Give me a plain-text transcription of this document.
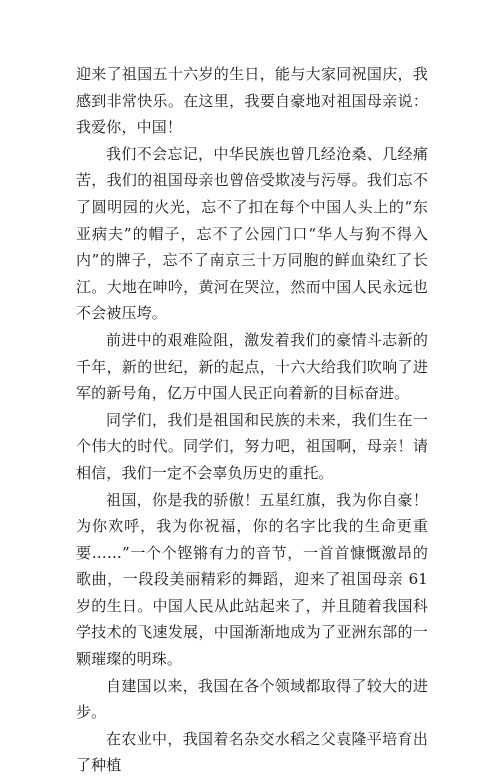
迎来了祖国五十六岁的生日，能与大家同祝国庆，我感到非常快乐。在这里，我要自豪地对祖国母亲说：我爱你，中国！

我们不会忘记，中华民族也曾几经沧桑、几经痛苦，我们的祖国母亲也曾倍受欺凌与污辱。我们忘不了圆明园的火光，忘不了扣在每个中国人头上的“东亚病夫”的帽子，忘不了公园门口“华人与狗不得入内”的牌子，忘不了南京三十万同胞的鲜血染红了长江。大地在呻吟，黄河在哭泣，然而中国人民永远也不会被压垮。

前进中的艰难险阻，激发着我们的豪情斗志新的千年，新的世纪，新的起点，十六大给我们吹响了进军的新号角，亿万中国人民正向着新的目标奋进。

同学们，我们是祖国和民族的未来，我们生在一个伟大的时代。同学们，努力吧，祖国啊，母亲！请相信，我们一定不会辜负历史的重托。

祖国，你是我的骄傲！五星红旗，我为你自豪！为你欢呼，我为你祝福，你的名字比我的生命更重要……”一个个铿锵有力的音节，一首首慷慨激昂的歌曲，一段段美丽精彩的舞蹈，迎来了祖国母亲 61 岁的生日。中国人民从此站起来了，并且随着我国科学技术的飞速发展，中国渐渐地成为了亚洲东部的一颗璀璨的明珠。

自建国以来，我国在各个领域都取得了较大的进步。

在农业中，我国着名杂交水稻之父袁隆平培育出了种植
